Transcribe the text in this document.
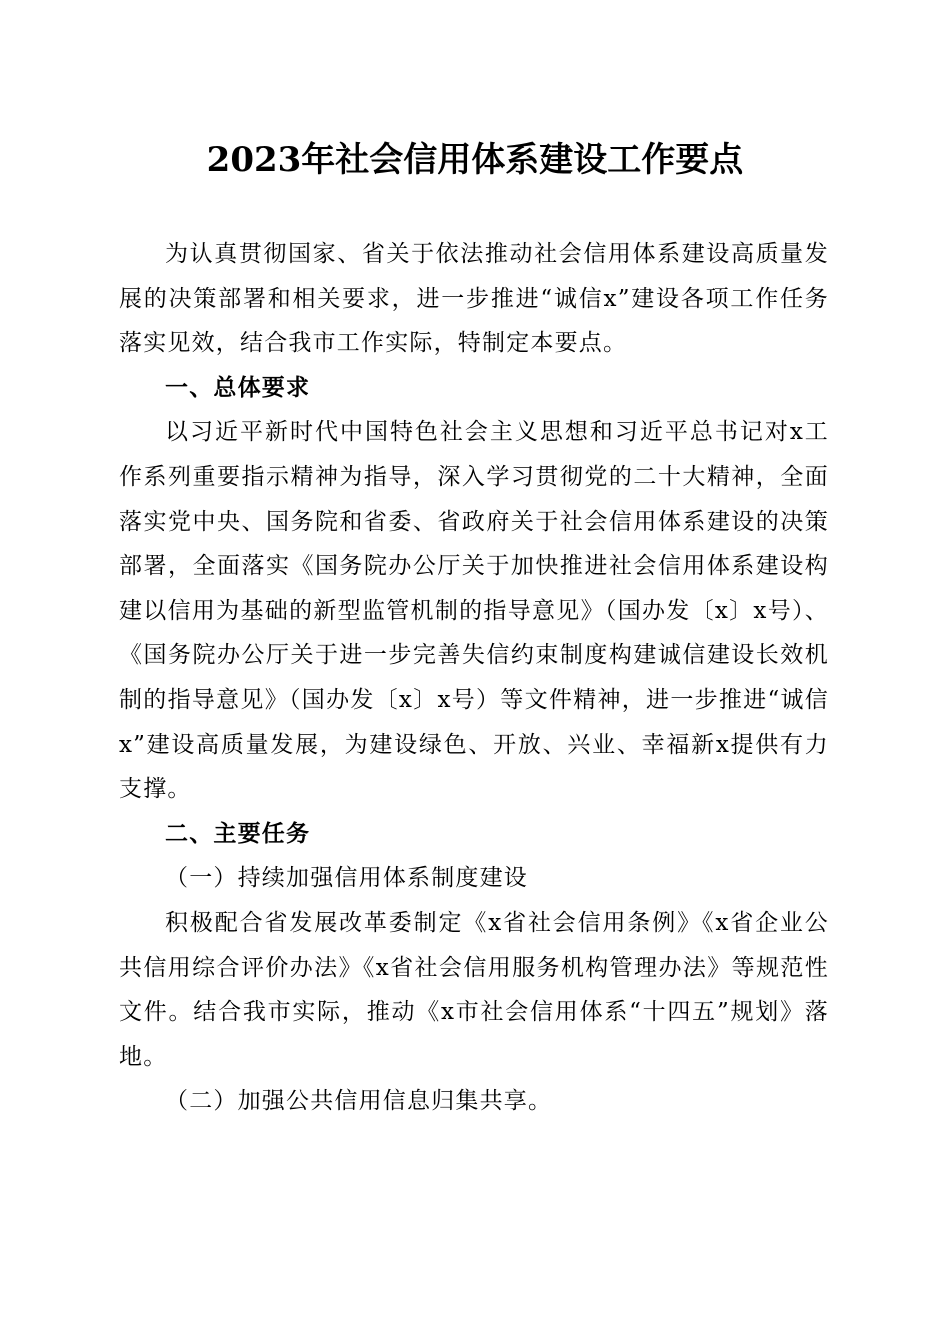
2023年社会信用体系建设工作要点

为认真贯彻国家、省关于依法推动社会信用体系建设高质量发展的决策部署和相关要求，进一步推进“诚信x”建设各项工作任务落实见效，结合我市工作实际，特制定本要点。

一、总体要求

以习近平新时代中国特色社会主义思想和习近平总书记对x工作系列重要指示精神为指导，深入学习贯彻党的二十大精神，全面落实党中央、国务院和省委、省政府关于社会信用体系建设的决策部署，全面落实《国务院办公厅关于加快推进社会信用体系建设构建以信用为基础的新型监管机制的指导意见》（国办发〔x〕x号）、《国务院办公厅关于进一步完善失信约束制度构建诚信建设长效机制的指导意见》（国办发〔x〕x号）等文件精神，进一步推进“诚信x”建设高质量发展，为建设绿色、开放、兴业、幸福新x提供有力支撑。

二、主要任务
（一）持续加强信用体系制度建设

积极配合省发展改革委制定《x省社会信用条例》《x省企业公共信用综合评价办法》《x省社会信用服务机构管理办法》等规范性文件。结合我市实际，推动《x市社会信用体系“十四五”规划》落地。

（二）加强公共信用信息归集共享。
